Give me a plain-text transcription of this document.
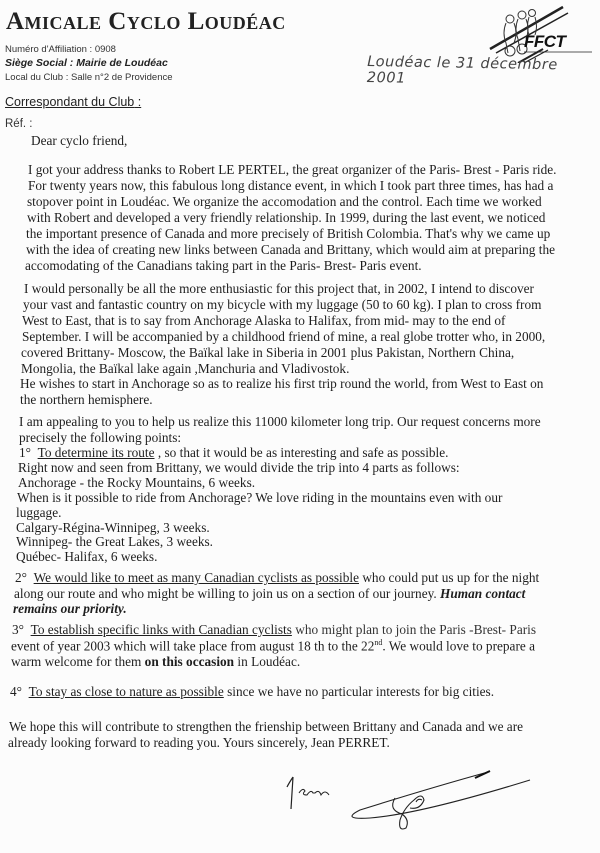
Amicale Cyclo Loudéac
Numéro d'Affiliation : 0908
Siège Social : Mairie de Loudéac
Local du Club : Salle n°2 de Providence
Correspondant du Club :
Réf. :
FFCT
Loudéac le 31 décembre 2001
Dear cyclo friend,
I got your address thanks to Robert LE PERTEL, the great organizer of the Paris- Brest - Paris ride.
For twenty years now, this fabulous long distance event, in which I took part three times, has had a
stopover point in Loudéac. We organize the accomodation and the control. Each time we worked
with Robert and developed a very friendly relationship. In 1999, during the last event, we noticed
the important presence of Canada and more precisely of British Colombia. That's why we came up
with the idea of creating new links between Canada and Brittany, which would aim at preparing the
accomodating of the Canadians taking part in the Paris- Brest- Paris event.
I would personally be all the more enthusiastic for this project that, in 2002, I intend to discover
your vast and fantastic country on my bicycle with my luggage (50 to 60 kg). I plan to cross from
West to East, that is to say from Anchorage Alaska to Halifax, from mid- may to the end of
September. I will be accompanied by a childhood friend of mine, a real globe trotter who, in 2000,
covered Brittany- Moscow, the Baïkal lake in Siberia in 2001 plus Pakistan, Northern China,
Mongolia, the Baïkal lake again ,Manchuria and Vladivostok.
He wishes to start in Anchorage so as to realize his first trip round the world, from West to East on
the northern hemisphere.
I am appealing to you to help us realize this 11000 kilometer long trip. Our request concerns more
precisely the following points:
1° To determine its route , so that it would be as interesting and safe as possible.
Right now and seen from Brittany, we would divide the trip into 4 parts as follows:
Anchorage - the Rocky Mountains, 6 weeks.
When is it possible to ride from Anchorage? We love riding in the mountains even with our
luggage.
Calgary-Régina-Winnipeg, 3 weeks.
Winnipeg- the Great Lakes, 3 weeks.
Québec- Halifax, 6 weeks.
2° We would like to meet as many Canadian cyclists as possible who could put us up for the night
along our route and who might be willing to join us on a section of our journey. Human contact
remains our priority.
3° To establish specific links with Canadian cyclists who might plan to join the Paris -Brest- Paris
event of year 2003 which will take place from august 18 th to the 22nd. We would love to prepare a
warm welcome for them on this occasion in Loudéac.
4° To stay as close to nature as possible since we have no particular interests for big cities.
We hope this will contribute to strengthen the frienship between Brittany and Canada and we are
already looking forward to reading you. Yours sincerely, Jean PERRET.
